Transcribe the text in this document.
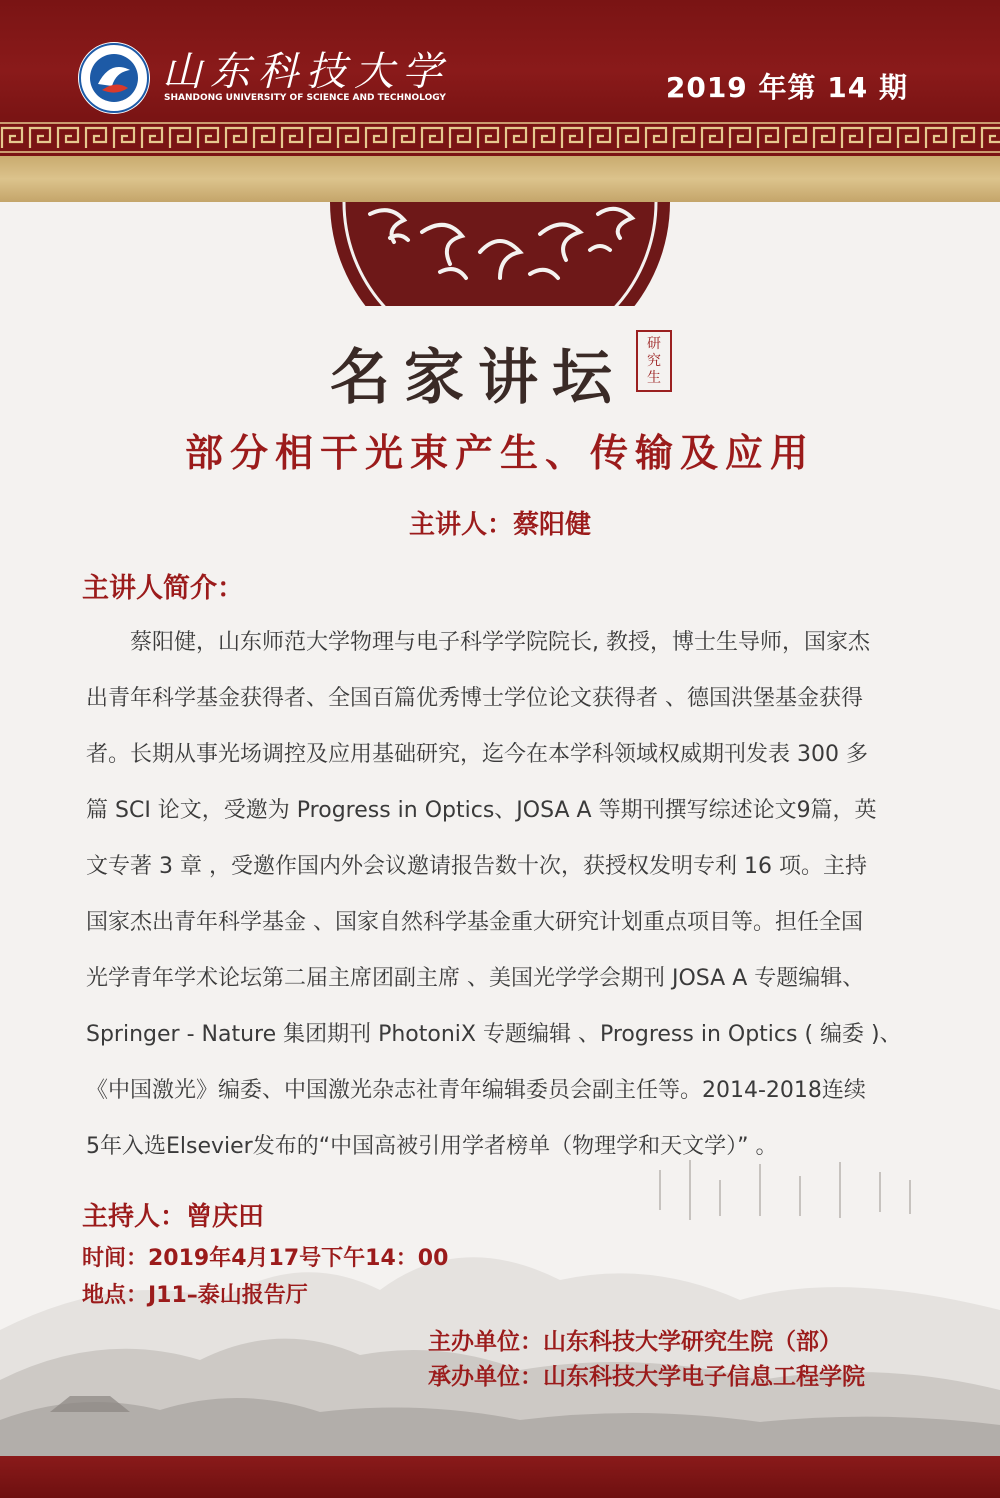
山东科技大学
SHANDONG UNIVERSITY OF SCIENCE AND TECHNOLOGY	2019 年第 14 期
名家讲坛 研
究
生
部分相干光束产生、传输及应用
主讲人：蔡阳健
主讲人简介：
　　蔡阳健，山东师范大学物理与电子科学学院院长, 教授，博士生导师，国家杰
出青年科学基金获得者、全国百篇优秀博士学位论文获得者 、德国洪堡基金获得
者。长期从事光场调控及应用基础研究，迄今在本学科领域权威期刊发表 300 多
篇 SCI 论文，受邀为 Progress in Optics、JOSA A 等期刊撰写综述论文9篇，英
文专著 3 章 ，受邀作国内外会议邀请报告数十次，获授权发明专利 16 项。主持
国家杰出青年科学基金 、国家自然科学基金重大研究计划重点项目等。担任全国
光学青年学术论坛第二届主席团副主席 、美国光学学会期刊 JOSA A 专题编辑、
Springer - Nature 集团期刊 PhotoniX 专题编辑 、Progress in Optics ( 编委 )、
《中国激光》编委、中国激光杂志社青年编辑委员会副主任等。2014-2018连续
5年入选Elsevier发布的“中国高被引用学者榜单（物理学和天文学）” 。
主持人：曾庆田
时间：2019年4月17号下午14：00
地点：J11–泰山报告厅
主办单位：山东科技大学研究生院（部）
承办单位：山东科技大学电子信息工程学院
